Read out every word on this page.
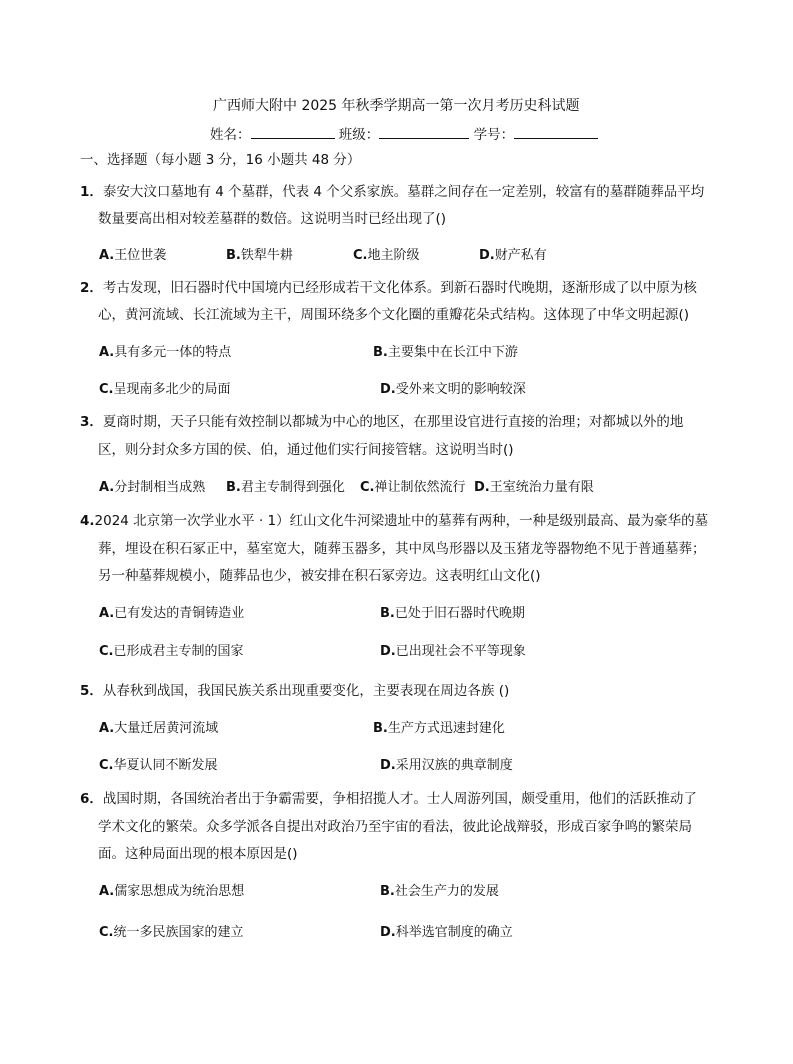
广西师大附中 2025 年秋季学期高一第一次月考历史科试题
姓名：	班级：	学号：
一、选择题（每小题 3 分，16 小题共 48 分）
1．泰安大汶口墓地有 4 个墓群，代表 4 个父系家族。墓群之间存在一定差别，较富有的墓群随葬品平均
数量要高出相对较差墓群的数倍。这说明当时已经出现了()
A.王位世袭	B.铁犁牛耕	C.地主阶级	D.财产私有
2．考古发现，旧石器时代中国境内已经形成若干文化体系。到新石器时代晚期，逐渐形成了以中原为核
心，黄河流域、长江流域为主干，周围环绕多个文化圈的重瓣花朵式结构。这体现了中华文明起源()
A.具有多元一体的特点	B.主要集中在长江中下游
C.呈现南多北少的局面	D.受外来文明的影响较深
3．夏商时期，天子只能有效控制以都城为中心的地区，在那里设官进行直接的治理；对都城以外的地
区，则分封众多方国的侯、伯，通过他们实行间接管辖。这说明当时()
A.分封制相当成熟 B.君主专制得到强化 C.禅让制依然流行 D.王室统治力量有限
4.2024 北京第一次学业水平 · 1）红山文化牛河梁遗址中的墓葬有两种，一种是级别最高、最为豪华的墓
葬，埋设在积石冢正中，墓室宽大，随葬玉器多，其中凤鸟形器以及玉猪龙等器物绝不见于普通墓葬；
另一种墓葬规模小，随葬品也少，被安排在积石冢旁边。这表明红山文化()
A.已有发达的青铜铸造业	B.已处于旧石器时代晚期
C.已形成君主专制的国家	D.已出现社会不平等现象
5．从春秋到战国，我国民族关系出现重要变化，主要表现在周边各族 ()
A.大量迁居黄河流域	B.生产方式迅速封建化
C.华夏认同不断发展	D.采用汉族的典章制度
6．战国时期，各国统治者出于争霸需要，争相招揽人才。士人周游列国，颇受重用，他们的活跃推动了
学术文化的繁荣。众多学派各自提出对政治乃至宇宙的看法，彼此论战辩驳，形成百家争鸣的繁荣局
面。这种局面出现的根本原因是()
A.儒家思想成为统治思想	B.社会生产力的发展
C.统一多民族国家的建立	D.科举选官制度的确立
